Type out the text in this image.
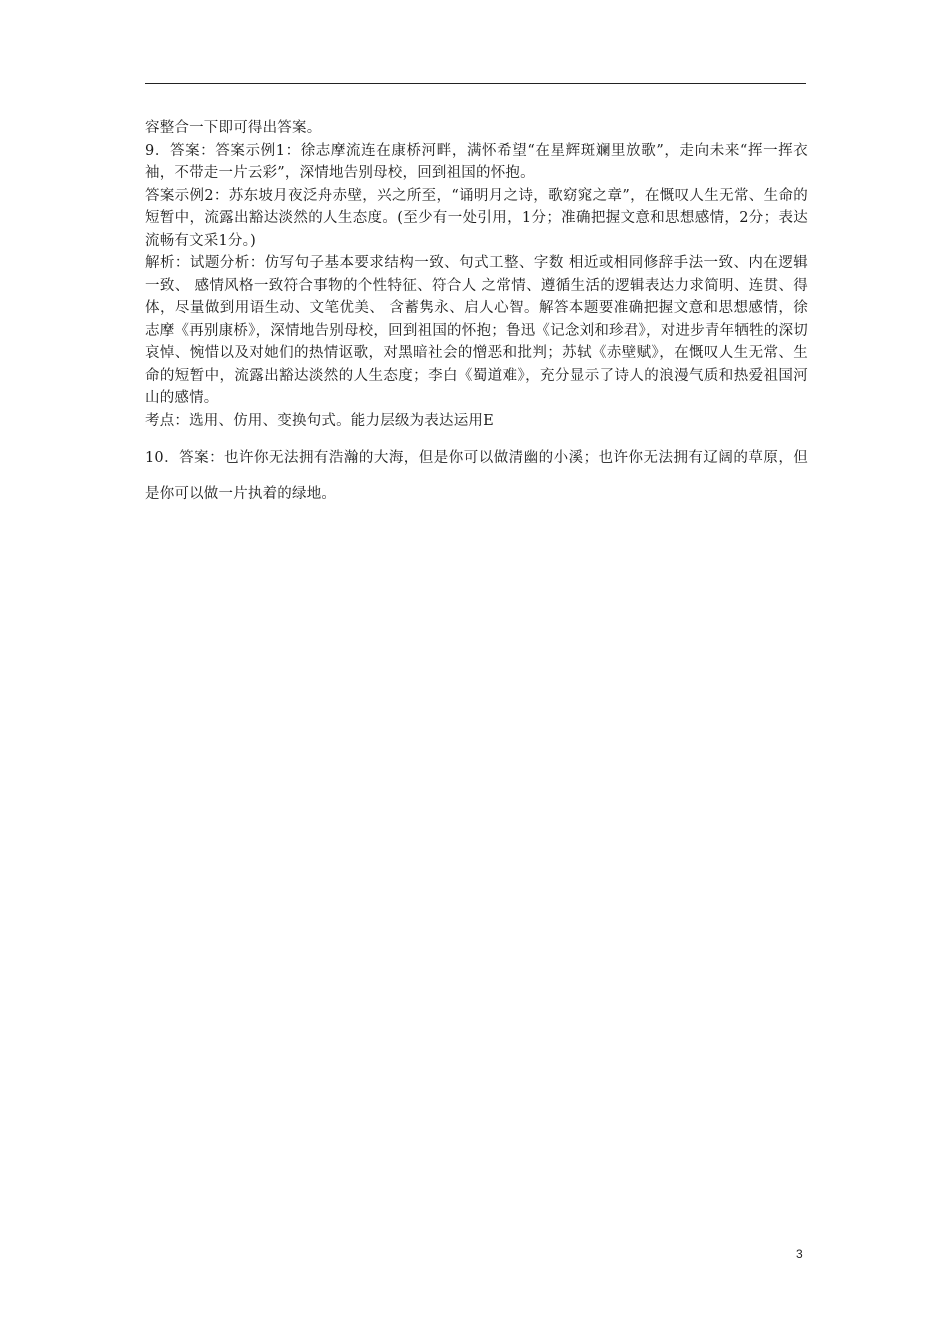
容整合一下即可得出答案。

9．答案：答案示例1：徐志摩流连在康桥河畔，满怀希望“在星辉斑斓里放歌”，走向未来“挥一挥衣袖，不带走一片云彩”，深情地告别母校，回到祖国的怀抱。

答案示例2：苏东坡月夜泛舟赤壁，兴之所至，“诵明月之诗，歌窈窕之章”，在慨叹人生无常、生命的短暂中，流露出豁达淡然的人生态度。(至少有一处引用，1分；准确把握文意和思想感情，2分；表达流畅有文采1分。)

解析：试题分析：仿写句子基本要求结构一致、句式工整、字数 相近或相同修辞手法一致、内在逻辑一致、 感情风格一致符合事物的个性特征、符合人 之常情、遵循生活的逻辑表达力求简明、连贯、得体，尽量做到用语生动、文笔优美、 含蓄隽永、启人心智。解答本题要准确把握文意和思想感情，徐志摩《再别康桥》，深情地告别母校，回到祖国的怀抱；鲁迅《记念刘和珍君》，对进步青年牺牲的深切哀悼、惋惜以及对她们的热情讴歌，对黑暗社会的憎恶和批判；苏轼《赤壁赋》，在慨叹人生无常、生命的短暂中，流露出豁达淡然的人生态度；李白《蜀道难》，充分显示了诗人的浪漫气质和热爱祖国河山的感情。

考点：选用、仿用、变换句式。能力层级为表达运用E

10．答案：也许你无法拥有浩瀚的大海，但是你可以做清幽的小溪；也许你无法拥有辽阔的草原，但是你可以做一片执着的绿地。

3
